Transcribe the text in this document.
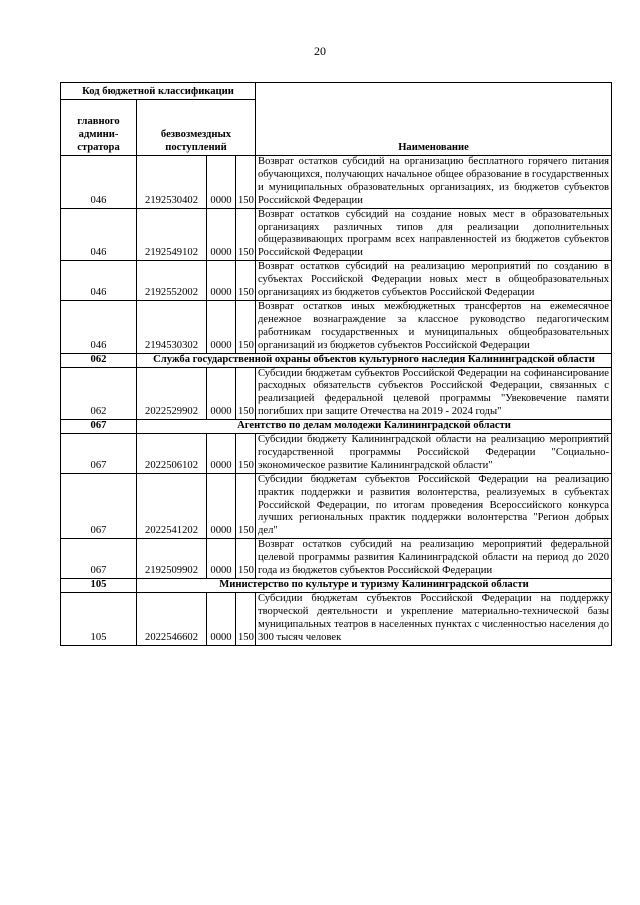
20
Код бюджетной классификации				Наименование
главного админи-стратора	безвозмездных поступлений			
046	2192530402	0000	150	Возврат остатков субсидий на организацию бесплатного горячего питания обучающихся, получающих начальное общее образование в государственных и муниципальных образовательных организациях, из бюджетов субъектов Российской Федерации
046	2192549102	0000	150	Возврат остатков субсидий на создание новых мест в образовательных организациях различных типов для реализации дополнительных общеразвивающих программ всех направленностей из бюджетов субъектов Российской Федерации
046	2192552002	0000	150	Возврат остатков субсидий на реализацию мероприятий по созданию в субъектах Российской Федерации новых мест в общеобразовательных организациях из бюджетов субъектов Российской Федерации
046	2194530302	0000	150	Возврат остатков иных межбюджетных трансфертов на ежемесячное денежное вознаграждение за классное руководство педагогическим работникам государственных и муниципальных общеобразовательных организаций из бюджетов субъектов Российской Федерации
062	Служба государственной охраны объектов культурного наследия Калининградской области			
062	2022529902	0000	150	Субсидии бюджетам субъектов Российской Федерации на софинансирование расходных обязательств субъектов Российской Федерации, связанных с реализацией федеральной целевой программы "Увековечение памяти погибших при защите Отечества на 2019 - 2024 годы"
067	Агентство по делам молодежи Калининградской области			
067	2022506102	0000	150	Субсидии бюджету Калининградской области на реализацию мероприятий государственной программы Российской Федерации "Социально-экономическое развитие Калининградской области"
067	2022541202	0000	150	Субсидии бюджетам субъектов Российской Федерации на реализацию практик поддержки и развития волонтерства, реализуемых в субъектах Российской Федерации, по итогам проведения Всероссийского конкурса лучших региональных практик поддержки волонтерства "Регион добрых дел"
067	2192509902	0000	150	Возврат остатков субсидий на реализацию мероприятий федеральной целевой программы развития Калининградской области на период до 2020 года из бюджетов субъектов Российской Федерации
105	Министерство по культуре и туризму Калининградской области			
105	2022546602	0000	150	Субсидии бюджетам субъектов Российской Федерации на поддержку творческой деятельности и укрепление материально-технической базы муниципальных театров в населенных пунктах с численностью населения до 300 тысяч человек
